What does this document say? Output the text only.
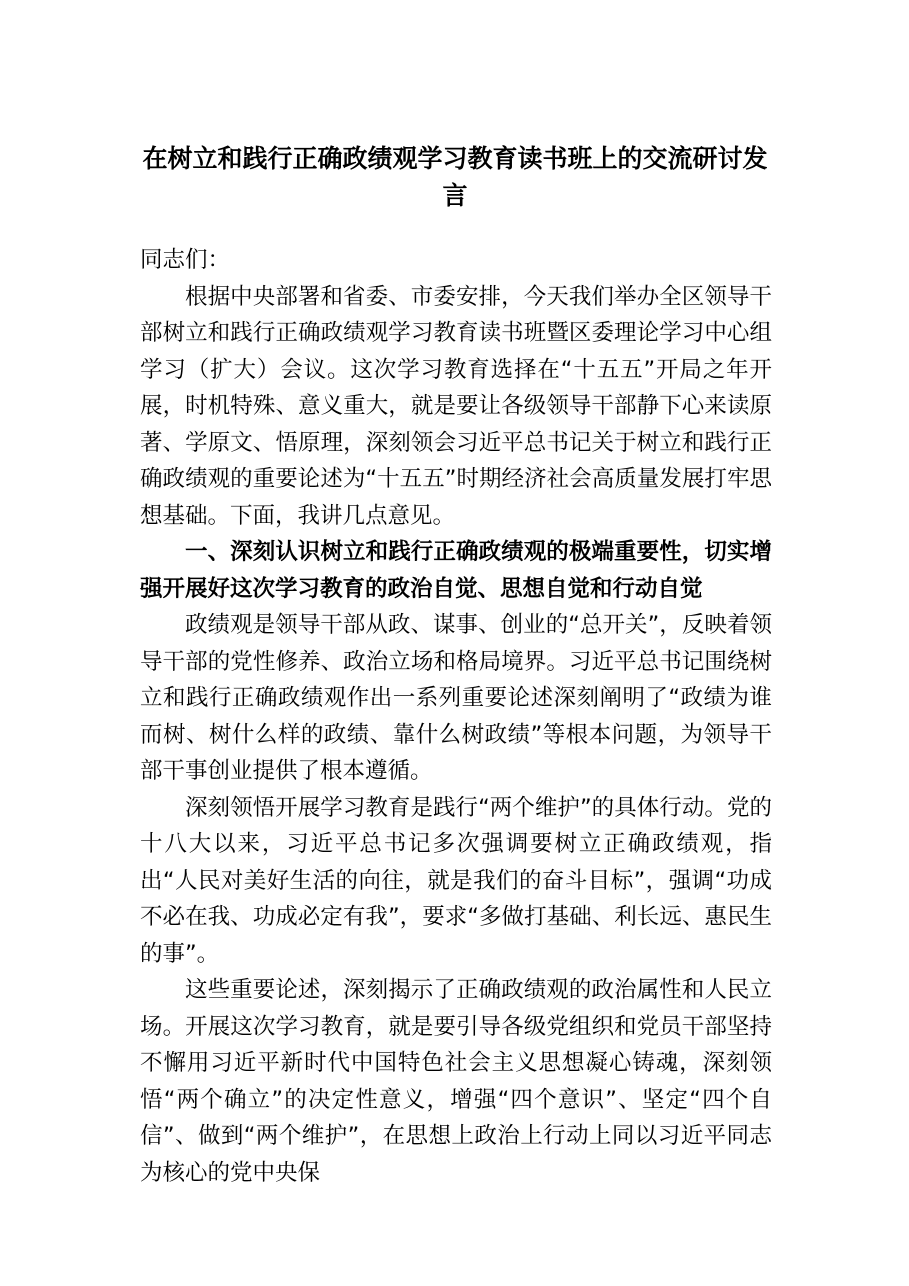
在树立和践行正确政绩观学习教育读书班上的交流研讨发言

同志们：

根据中央部署和省委、市委安排，今天我们举办全区领导干部树立和践行正确政绩观学习教育读书班暨区委理论学习中心组学习（扩大）会议。这次学习教育选择在“十五五”开局之年开展，时机特殊、意义重大，就是要让各级领导干部静下心来读原著、学原文、悟原理，深刻领会习近平总书记关于树立和践行正确政绩观的重要论述为“十五五”时期经济社会高质量发展打牢思想基础。下面，我讲几点意见。

一、深刻认识树立和践行正确政绩观的极端重要性，切实增强开展好这次学习教育的政治自觉、思想自觉和行动自觉

政绩观是领导干部从政、谋事、创业的“总开关”，反映着领导干部的党性修养、政治立场和格局境界。习近平总书记围绕树立和践行正确政绩观作出一系列重要论述深刻阐明了“政绩为谁而树、树什么样的政绩、靠什么树政绩”等根本问题，为领导干部干事创业提供了根本遵循。

深刻领悟开展学习教育是践行“两个维护”的具体行动。党的十八大以来，习近平总书记多次强调要树立正确政绩观，指出“人民对美好生活的向往，就是我们的奋斗目标”，强调“功成不必在我、功成必定有我”，要求“多做打基础、利长远、惠民生的事”。

这些重要论述，深刻揭示了正确政绩观的政治属性和人民立场。开展这次学习教育，就是要引导各级党组织和党员干部坚持不懈用习近平新时代中国特色社会主义思想凝心铸魂，深刻领悟“两个确立”的决定性意义，增强“四个意识”、坚定“四个自信”、做到“两个维护”，在思想上政治上行动上同以习近平同志为核心的党中央保
